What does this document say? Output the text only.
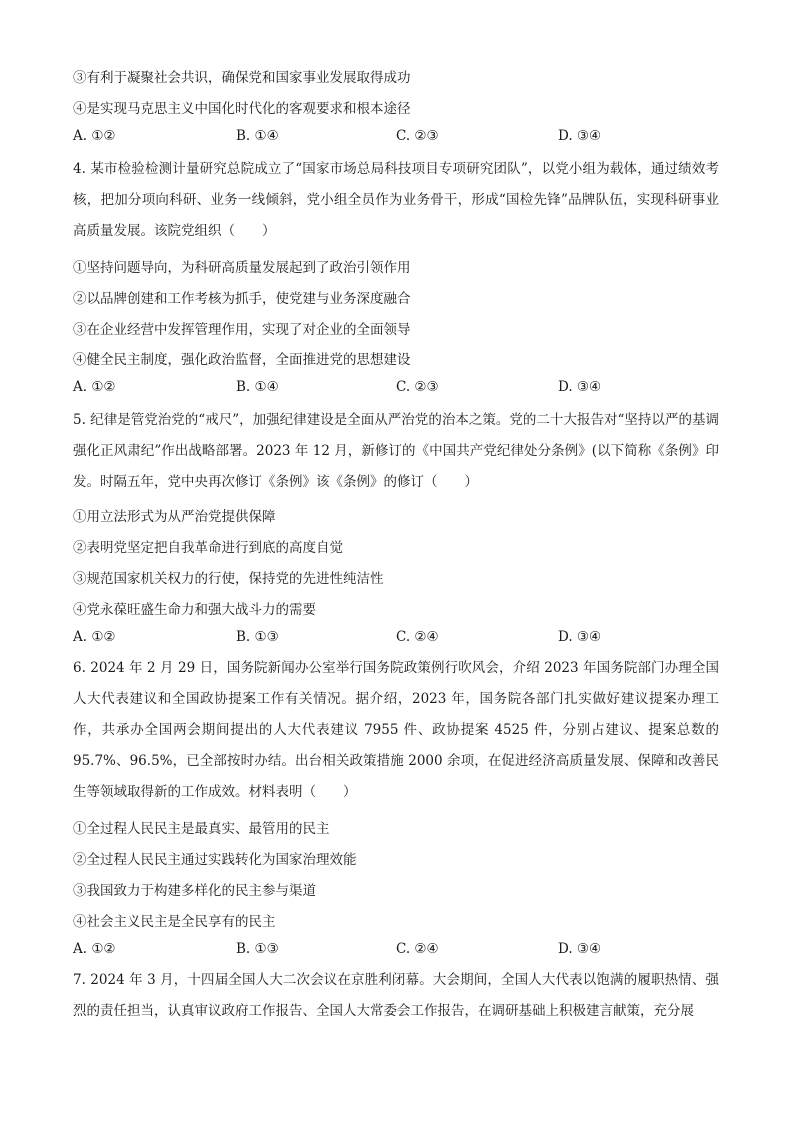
③有利于凝聚社会共识，确保党和国家事业发展取得成功
④是实现马克思主义中国化时代化的客观要求和根本途径
A. ①②	B. ①④	C. ②③	D. ③④
4. 某市检验检测计量研究总院成立了“国家市场总局科技项目专项研究团队”，以党小组为载体，通过绩效考核，把加分项向科研、业务一线倾斜，党小组全员作为业务骨干，形成“国检先锋”品牌队伍，实现科研事业高质量发展。该院党组织（　　）
①坚持问题导向，为科研高质量发展起到了政治引领作用
②以品牌创建和工作考核为抓手，使党建与业务深度融合
③在企业经营中发挥管理作用，实现了对企业的全面领导
④健全民主制度，强化政治监督，全面推进党的思想建设
A. ①②	B. ①④	C. ②③	D. ③④
5. 纪律是管党治党的“戒尺”，加强纪律建设是全面从严治党的治本之策。党的二十大报告对“坚持以严的基调强化正风肃纪”作出战略部署。2023 年 12 月，新修订的《中国共产党纪律处分条例》(以下简称《条例》印发。时隔五年，党中央再次修订《条例》该《条例》的修订（　　）
①用立法形式为从严治党提供保障
②表明党坚定把自我革命进行到底的高度自觉
③规范国家机关权力的行使，保持党的先进性纯洁性
④党永葆旺盛生命力和强大战斗力的需要
A. ①②	B. ①③	C. ②④	D. ③④
6. 2024 年 2 月 29 日，国务院新闻办公室举行国务院政策例行吹风会，介绍 2023 年国务院部门办理全国人大代表建议和全国政协提案工作有关情况。据介绍，2023 年，国务院各部门扎实做好建议提案办理工作，共承办全国两会期间提出的人大代表建议 7955 件、政协提案 4525 件，分别占建议、提案总数的 95.7%、96.5%，已全部按时办结。出台相关政策措施 2000 余项，在促进经济高质量发展、保障和改善民生等领域取得新的工作成效。材料表明（　　）
①全过程人民民主是最真实、最管用的民主
②全过程人民民主通过实践转化为国家治理效能
③我国致力于构建多样化的民主参与渠道
④社会主义民主是全民享有的民主
A. ①②	B. ①③	C. ②④	D. ③④
7. 2024 年 3 月，十四届全国人大二次会议在京胜利闭幕。大会期间，全国人大代表以饱满的履职热情、强烈的责任担当，认真审议政府工作报告、全国人大常委会工作报告，在调研基础上积极建言献策，充分展
